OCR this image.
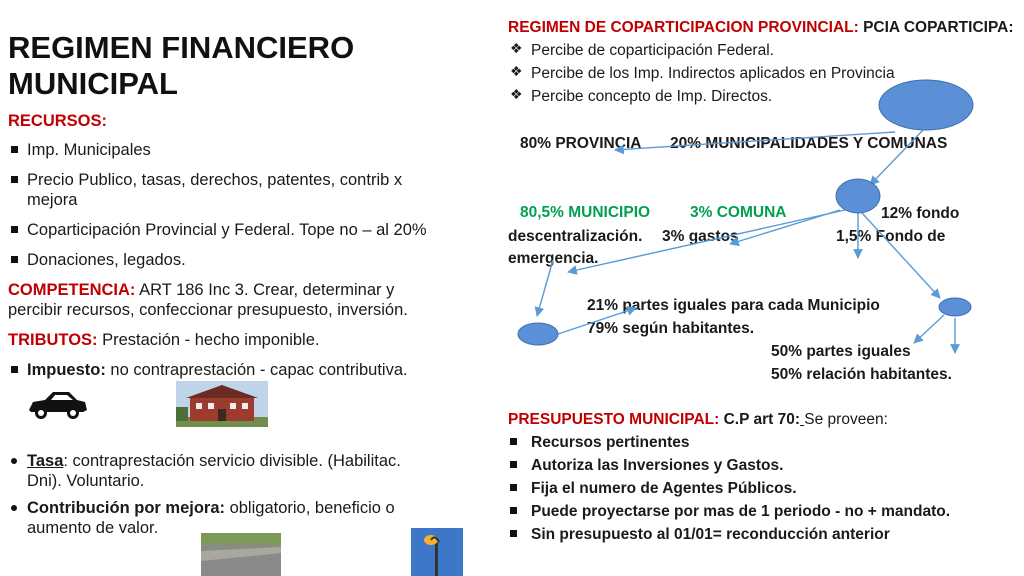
REGIMEN FINANCIERO
MUNICIPAL
RECURSOS:
Imp. Municipales
Precio Publico, tasas, derechos, patentes, contrib x
mejora
Coparticipación Provincial y Federal. Tope no – al 20%
Donaciones, legados.
COMPETENCIA: ART 186 Inc 3. Crear, determinar y
percibir recursos, confeccionar presupuesto, inversión.
TRIBUTOS: Prestación - hecho imponible.
Impuesto: no contraprestación - capac contributiva.
Tasa: contraprestación servicio divisible. (Habilitac.
Dni). Voluntario.
Contribución por mejora: obligatorio, beneficio o
aumento de valor.
REGIMEN DE COPARTICIPACION PROVINCIAL: PCIA COPARTICIPA:
❖ Percibe de coparticipación Federal.
❖ Percibe de los Imp. Indirectos aplicados en Provincia
❖ Percibe concepto de Imp. Directos.
80% PROVINCIA 20% MUNICIPALIDADES Y COMUNAS
80,5% MUNICIPIO	3% COMUNA	12% fondo
descentralización. 3% gastos	1,5% Fondo de
emergencia.
21% partes iguales para cada Municipio
79% según habitantes.
50% partes iguales
50% relación habitantes.
PRESUPUESTO MUNICIPAL: C.P art 70: Se proveen:
Recursos pertinentes
Autoriza las Inversiones y Gastos.
Fija el numero de Agentes Públicos.
Puede proyectarse por mas de 1 periodo - no + mandato.
Sin presupuesto al 01/01= reconducción anterior
